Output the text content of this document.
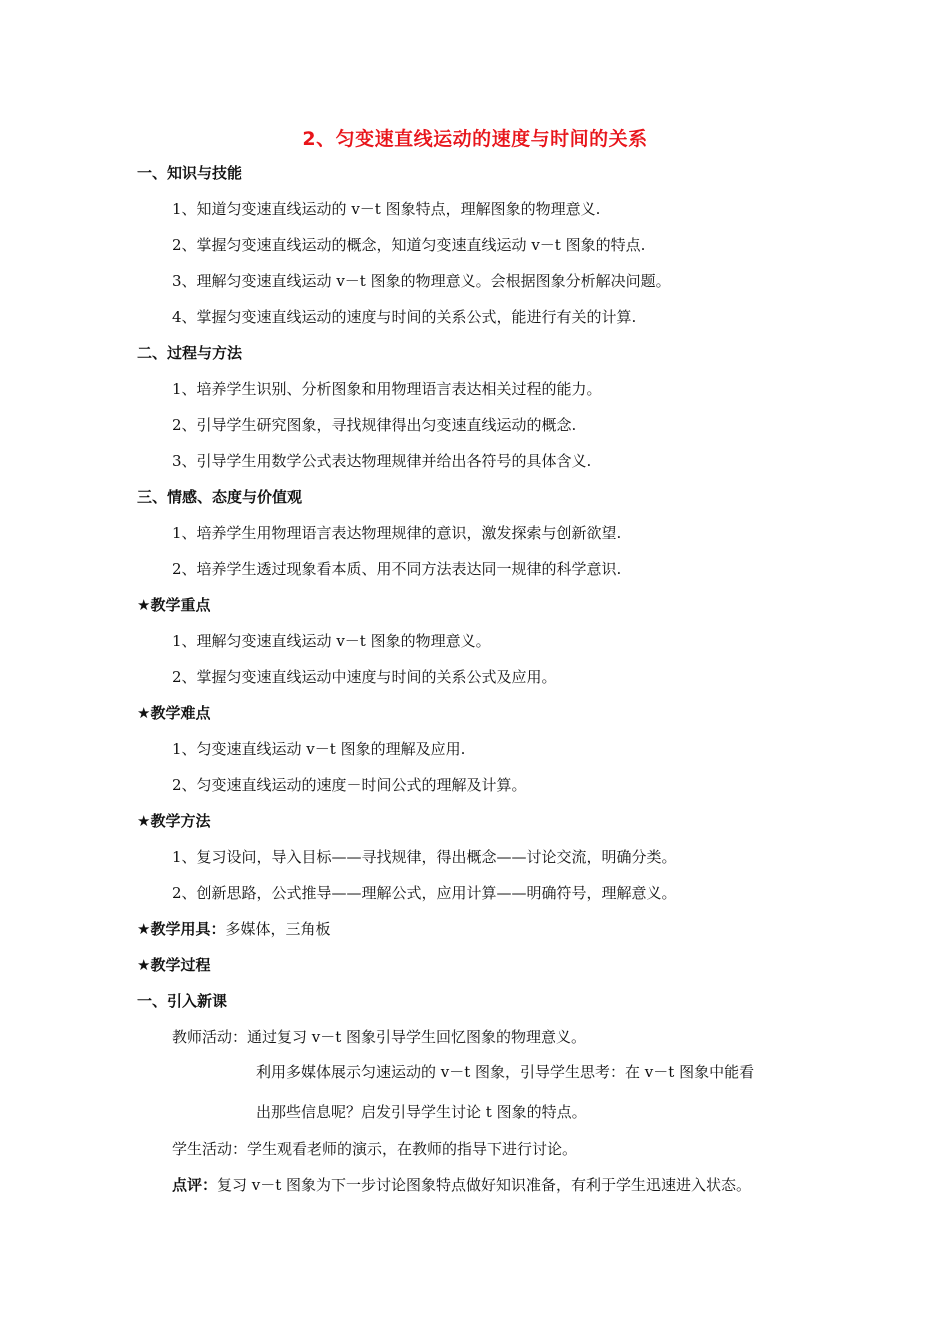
2、匀变速直线运动的速度与时间的关系
一、知识与技能
1、知道匀变速直线运动的 v－t 图象特点，理解图象的物理意义.
2、掌握匀变速直线运动的概念，知道匀变速直线运动 v－t 图象的特点.
3、理解匀变速直线运动 v－t 图象的物理意义。会根据图象分析解决问题。
4、掌握匀变速直线运动的速度与时间的关系公式，能进行有关的计算.
二、过程与方法
1、培养学生识别、分析图象和用物理语言表达相关过程的能力。
2、引导学生研究图象，寻找规律得出匀变速直线运动的概念.
3、引导学生用数学公式表达物理规律并给出各符号的具体含义.
三、情感、态度与价值观
1、培养学生用物理语言表达物理规律的意识，激发探索与创新欲望.
2、培养学生透过现象看本质、用不同方法表达同一规律的科学意识.
★教学重点
1、理解匀变速直线运动 v－t 图象的物理意义。
2、掌握匀变速直线运动中速度与时间的关系公式及应用。
★教学难点
1、匀变速直线运动 v－t 图象的理解及应用.
2、匀变速直线运动的速度－时间公式的理解及计算。
★教学方法
1、复习设问，导入目标——寻找规律，得出概念——讨论交流，明确分类。
2、创新思路，公式推导——理解公式，应用计算——明确符号，理解意义。
★教学用具：多媒体，三角板
★教学过程
一、引入新课
教师活动：通过复习 v－t 图象引导学生回忆图象的物理意义。
利用多媒体展示匀速运动的 v－t 图象，引导学生思考：在 v－t 图象中能看
出那些信息呢？启发引导学生讨论 t 图象的特点。
学生活动：学生观看老师的演示，在教师的指导下进行讨论。
点评：复习 v－t 图象为下一步讨论图象特点做好知识准备，有利于学生迅速进入状态。
